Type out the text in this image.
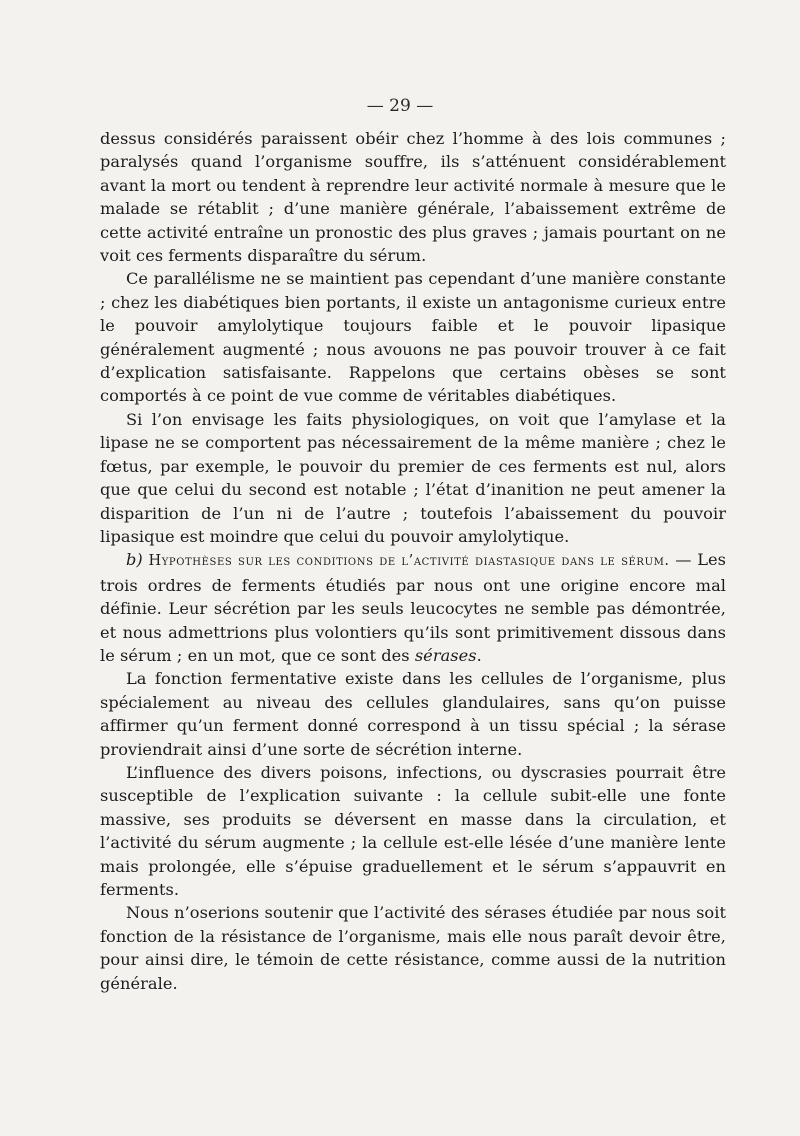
— 29 —

dessus considérés paraissent obéir chez l’homme à des lois communes ; paralysés quand l’organisme souffre, ils s’atténuent considérablement avant la mort ou tendent à reprendre leur activité normale à mesure que le malade se rétablit ; d’une manière générale, l’abaissement extrême de cette activité entraîne un pronostic des plus graves ; jamais pourtant on ne voit ces ferments disparaître du sérum.

Ce parallélisme ne se maintient pas cependant d’une manière constante ; chez les diabétiques bien portants, il existe un antagonisme curieux entre le pouvoir amylolytique toujours faible et le pouvoir lipasique généralement augmenté ; nous avouons ne pas pouvoir trouver à ce fait d’explication satisfaisante. Rappelons que certains obèses se sont comportés à ce point de vue comme de véritables diabétiques.

Si l’on envisage les faits physiologiques, on voit que l’amylase et la lipase ne se comportent pas nécessairement de la même manière ; chez le fœtus, par exemple, le pouvoir du premier de ces ferments est nul, alors que que celui du second est notable ; l’état d’inanition ne peut amener la disparition de l’un ni de l’autre ; toutefois l’abaissement du pouvoir lipasique est moindre que celui du pouvoir amylolytique.

b) Hypothèses sur les conditions de l’activité diastasique dans le sérum. — Les trois ordres de ferments étudiés par nous ont une origine encore mal définie. Leur sécrétion par les seuls leucocytes ne semble pas démontrée, et nous admettrions plus volontiers qu’ils sont primitivement dissous dans le sérum ; en un mot, que ce sont des sérases.

La fonction fermentative existe dans les cellules de l’organisme, plus spécialement au niveau des cellules glandulaires, sans qu’on puisse affirmer qu’un ferment donné correspond à un tissu spécial ; la sérase proviendrait ainsi d’une sorte de sécrétion interne.

L’influence des divers poisons, infections, ou dyscrasies pourrait être susceptible de l’explication suivante : la cellule subit-elle une fonte massive, ses produits se déversent en masse dans la circulation, et l’activité du sérum augmente ; la cellule est-elle lésée d’une manière lente mais prolongée, elle s’épuise graduellement et le sérum s’appauvrit en ferments.

Nous n’oserions soutenir que l’activité des sérases étudiée par nous soit fonction de la résistance de l’organisme, mais elle nous paraît devoir être, pour ainsi dire, le témoin de cette résistance, comme aussi de la nutrition générale.
